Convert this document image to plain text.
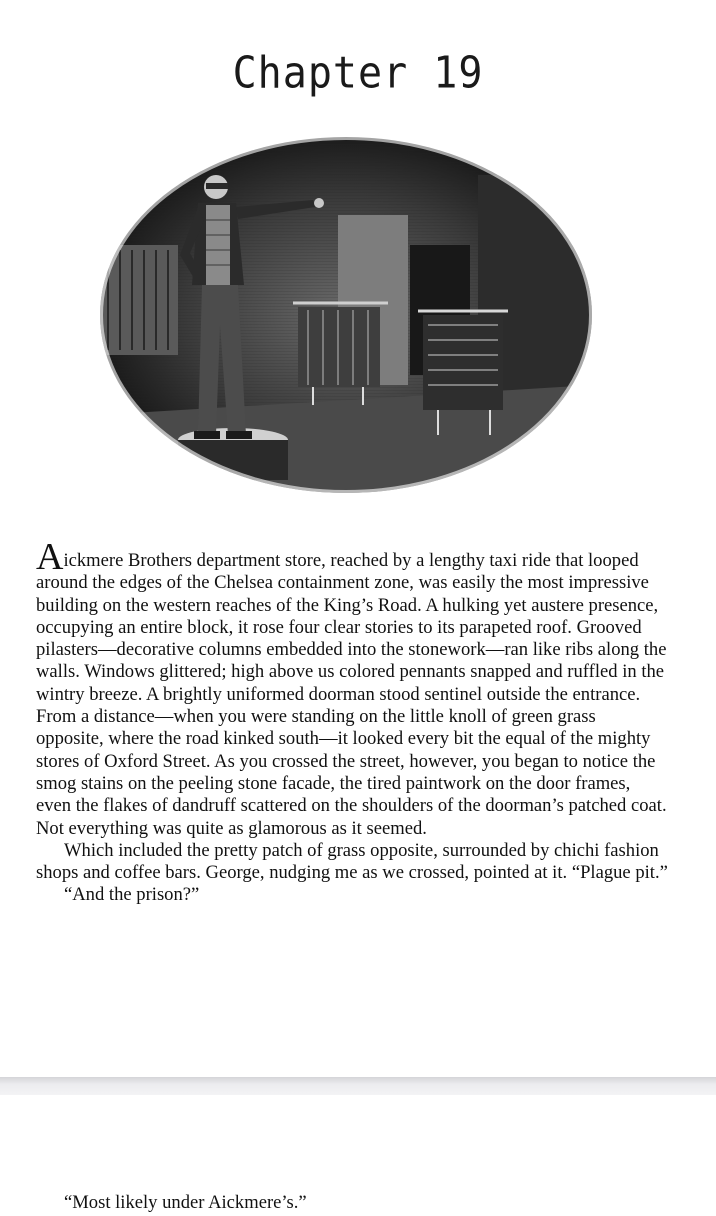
Chapter 19

Aickmere Brothers department store, reached by a lengthy taxi ride that looped around the edges of the Chelsea containment zone, was easily the most impressive building on the western reaches of the King’s Road. A hulking yet austere presence, occupying an entire block, it rose four clear stories to its parapeted roof. Grooved pilasters—decorative columns embedded into the stonework—ran like ribs along the walls. Windows glittered; high above us colored pennants snapped and ruffled in the wintry breeze. A brightly uniformed doorman stood sentinel outside the entrance. From a distance—when you were standing on the little knoll of green grass opposite, where the road kinked south—it looked every bit the equal of the mighty stores of Oxford Street. As you crossed the street, however, you began to notice the smog stains on the peeling stone facade, the tired paintwork on the door frames, even the flakes of dandruff scattered on the shoulders of the doorman’s patched coat. Not everything was quite as glamorous as it seemed.

Which included the pretty patch of grass opposite, surrounded by chichi fashion shops and coffee bars. George, nudging me as we crossed, pointed at it. “Plague pit.”

“And the prison?”

“Most likely under Aickmere’s.”
